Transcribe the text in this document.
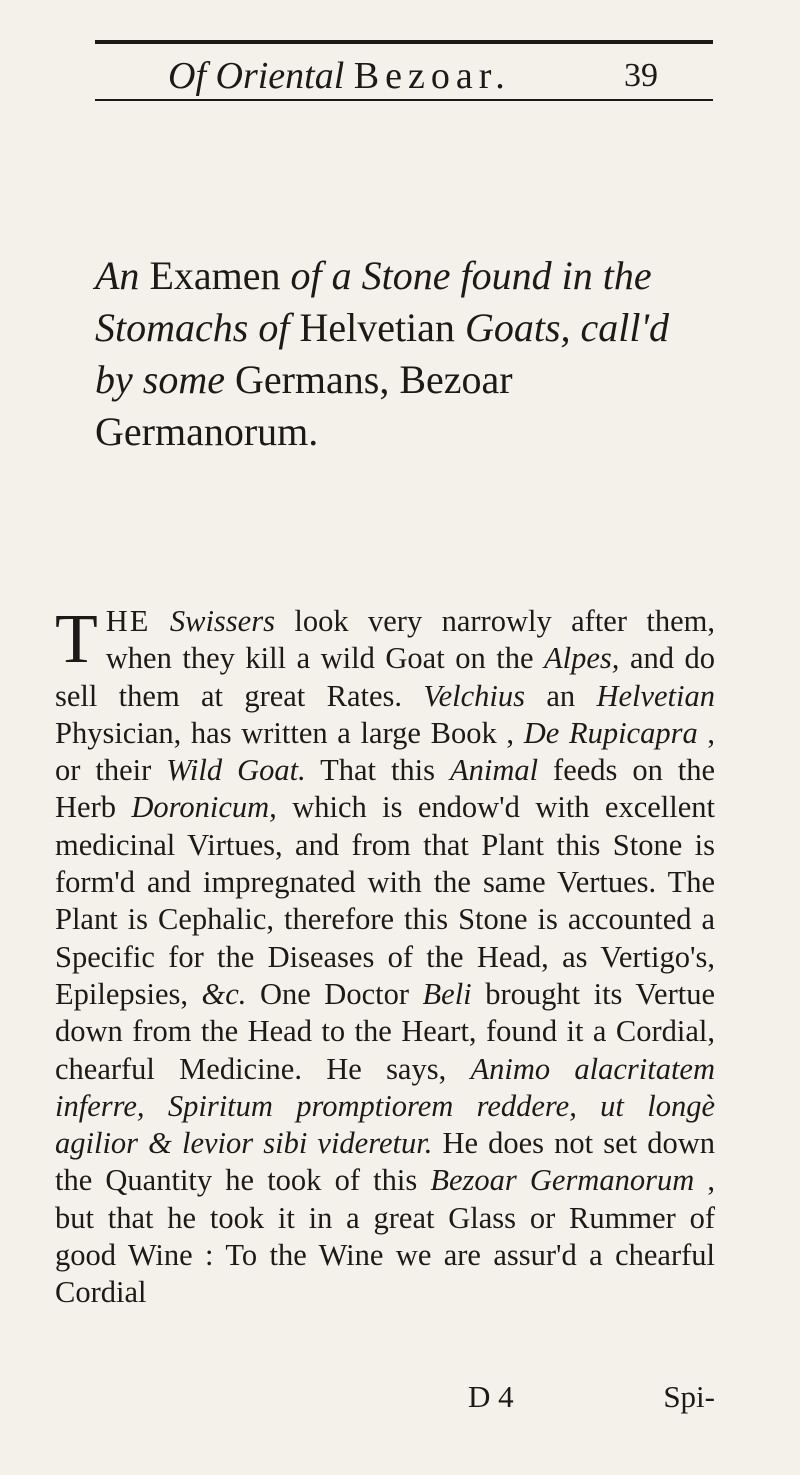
Of Oriental Bezoar.	39
An Examen of a Stone found in the Stomachs of Helvetian Goats, call'd by some Germans, Bezoar Germanorum.
T HE Swissers look very narrowly after them, when they kill a wild Goat on the Alpes, and do sell them at great Rates. Velchius an Helvetian Physician, has written a large Book , De Rupicapra , or their Wild Goat. That this Animal feeds on the Herb Doronicum, which is endow'd with excellent medicinal Virtues, and from that Plant this Stone is form'd and impregnated with the same Vertues. The Plant is Cephalic, therefore this Stone is accounted a Specific for the Diseases of the Head, as Vertigo's, Epilepsies, &c. One Doctor Beli brought its Vertue down from the Head to the Heart, found it a Cordial, chearful Medicine. He says, Animo alacritatem inferre, Spiritum promptiorem reddere, ut longè agilior & levior sibi videretur. He does not set down the Quantity he took of this Bezoar Germanorum , but that he took it in a great Glass or Rummer of good Wine : To the Wine we are assur'd a chearful Cordial
D 4	Spi-
